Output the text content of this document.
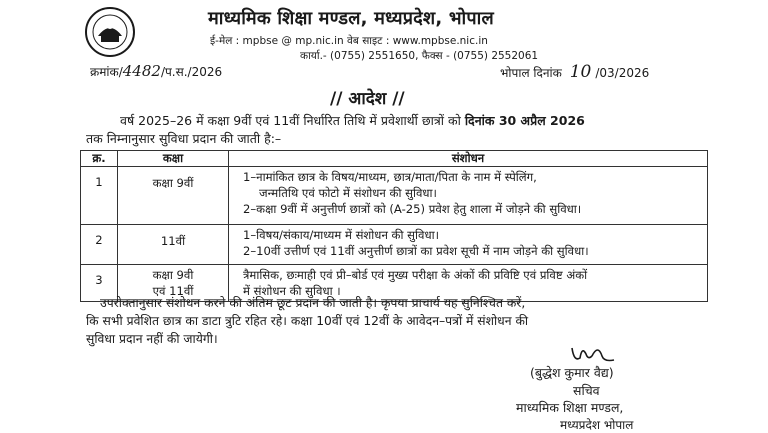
माध्यमिक शिक्षा मण्डल, मध्यप्रदेश, भोपाल
ई-मेल : mpbse @ mp.nic.in वेब साइट : www.mpbse.nic.in
कार्या.- (0755) 2551650, फैक्स - (0755) 2552061
क्रमांक/4482/प.स./2026	भोपाल दिनांक 10 /03/2026
// आदेश //
वर्ष 2025–26 में कक्षा 9वीं एवं 11वीं निर्धारित तिथि में प्रवेशार्थी छात्रों को दिनांक 30 अप्रैल 2026
तक निम्नानुसार सुविधा प्रदान की जाती है:–
क्र.	कक्षा	संशोधन
1	कक्षा 9वीं	1–नामांकित छात्र के विषय/माध्यम, छात्र/माता/पिता के नाम में स्पेलिंग,
जन्मतिथि एवं फोटो में संशोधन की सुविधा।
2–कक्षा 9वीं में अनुत्तीर्ण छात्रों को (A-25) प्रवेश हेतु शाला में जोड़ने की सुविधा।

2	11वीं	1–विषय/संकाय/माध्यम में संशोधन की सुविधा।
2–10वीं उत्तीर्ण एवं 11वीं अनुत्तीर्ण छात्रों का प्रवेश सूची में नाम जोड़ने की सुविधा।

3	कक्षा 9वी
एवं 11वीं	त्रैमासिक, छःमाही एवं प्री–बोर्ड एवं मुख्य परीक्षा के अंकों की प्रविष्टि एवं प्रविष्ट अंकों
में संशोधन की सुविधा ।
उपरोक्तानुसार संशोधन करने की अंतिम छूट प्रदान की जाती है। कृपया प्राचार्य यह सुनिश्चित करें,
कि सभी प्रवेशित छात्र का डाटा त्रुटि रहित रहे। कक्षा 10वीं एवं 12वीं के आवेदन–पत्रों में संशोधन की
सुविधा प्रदान नहीं की जायेगी।
(बुद्धेश कुमार वैद्य)
सचिव
माध्यमिक शिक्षा मण्डल,
मध्यप्रदेश भोपाल
